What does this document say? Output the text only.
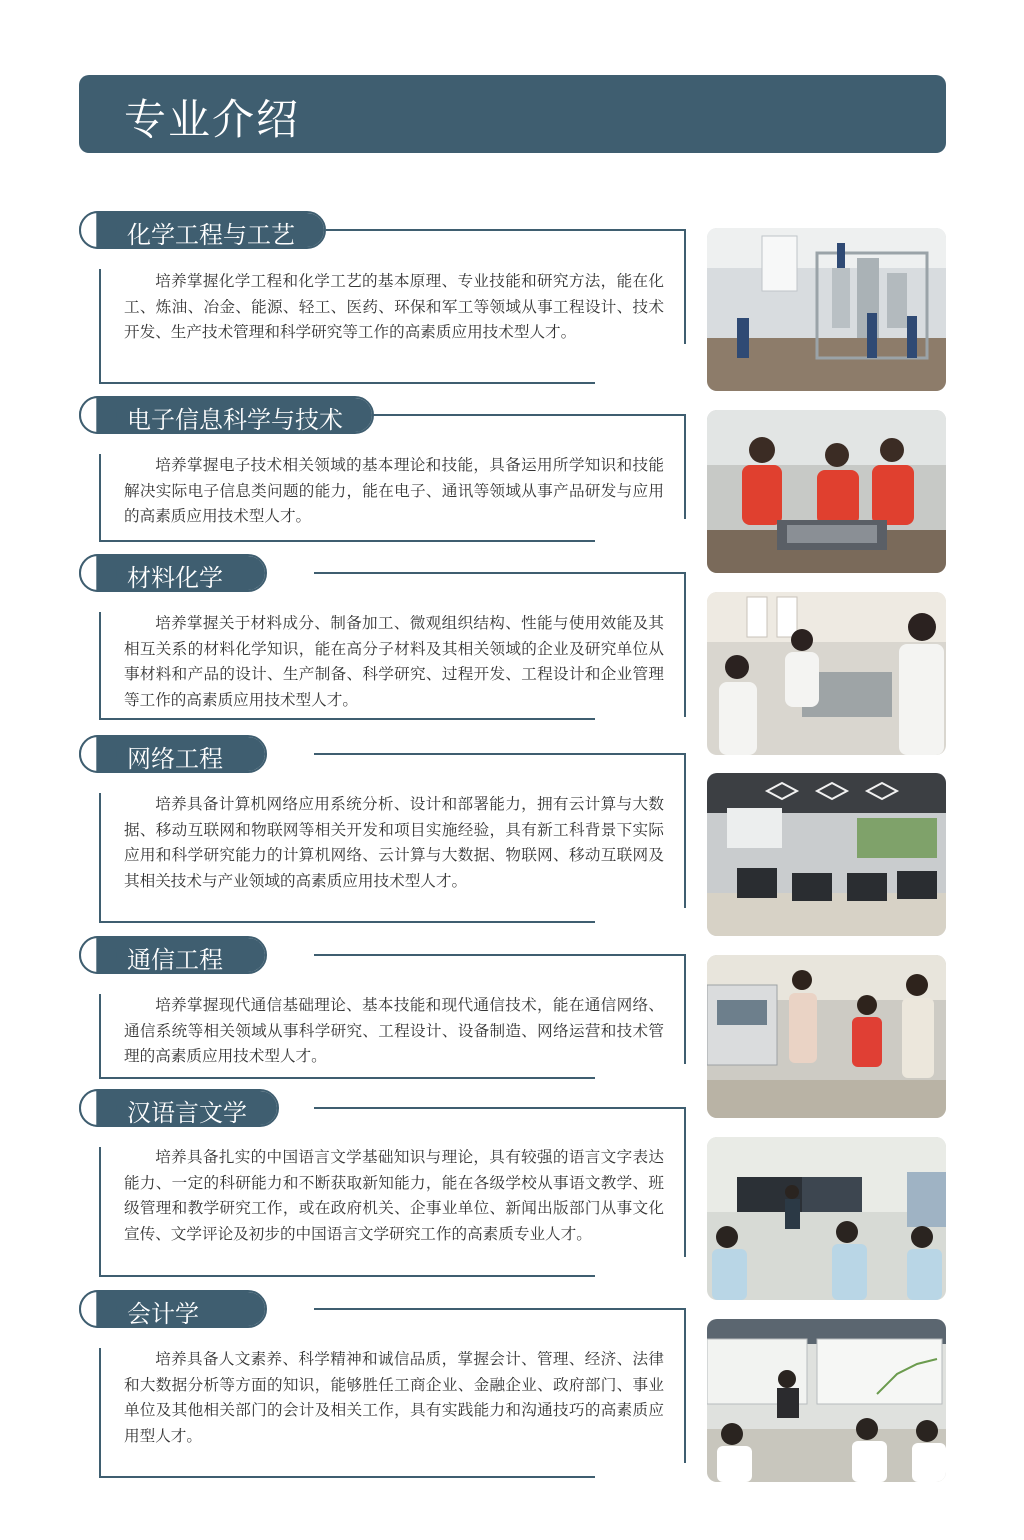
专业介绍
化学工程与工艺

培养掌握化学工程和化学工艺的基本原理、专业技能和研究方法，能在化工、炼油、冶金、能源、轻工、医药、环保和军工等领域从事工程设计、技术开发、生产技术管理和科学研究等工作的高素质应用技术型人才。

电子信息科学与技术

培养掌握电子技术相关领域的基本理论和技能，具备运用所学知识和技能解决实际电子信息类问题的能力，能在电子、通讯等领域从事产品研发与应用的高素质应用技术型人才。

材料化学

培养掌握关于材料成分、制备加工、微观组织结构、性能与使用效能及其相互关系的材料化学知识，能在高分子材料及其相关领域的企业及研究单位从事材料和产品的设计、生产制备、科学研究、过程开发、工程设计和企业管理等工作的高素质应用技术型人才。

网络工程

培养具备计算机网络应用系统分析、设计和部署能力，拥有云计算与大数据、移动互联网和物联网等相关开发和项目实施经验，具有新工科背景下实际应用和科学研究能力的计算机网络、云计算与大数据、物联网、移动互联网及其相关技术与产业领域的高素质应用技术型人才。

通信工程

培养掌握现代通信基础理论、基本技能和现代通信技术，能在通信网络、通信系统等相关领域从事科学研究、工程设计、设备制造、网络运营和技术管理的高素质应用技术型人才。

汉语言文学

培养具备扎实的中国语言文学基础知识与理论，具有较强的语言文字表达能力、一定的科研能力和不断获取新知能力，能在各级学校从事语文教学、班级管理和教学研究工作，或在政府机关、企事业单位、新闻出版部门从事文化宣传、文学评论及初步的中国语言文学研究工作的高素质专业人才。

会计学

培养具备人文素养、科学精神和诚信品质，掌握会计、管理、经济、法律和大数据分析等方面的知识，能够胜任工商企业、金融企业、政府部门、事业单位及其他相关部门的会计及相关工作，具有实践能力和沟通技巧的高素质应用型人才。
